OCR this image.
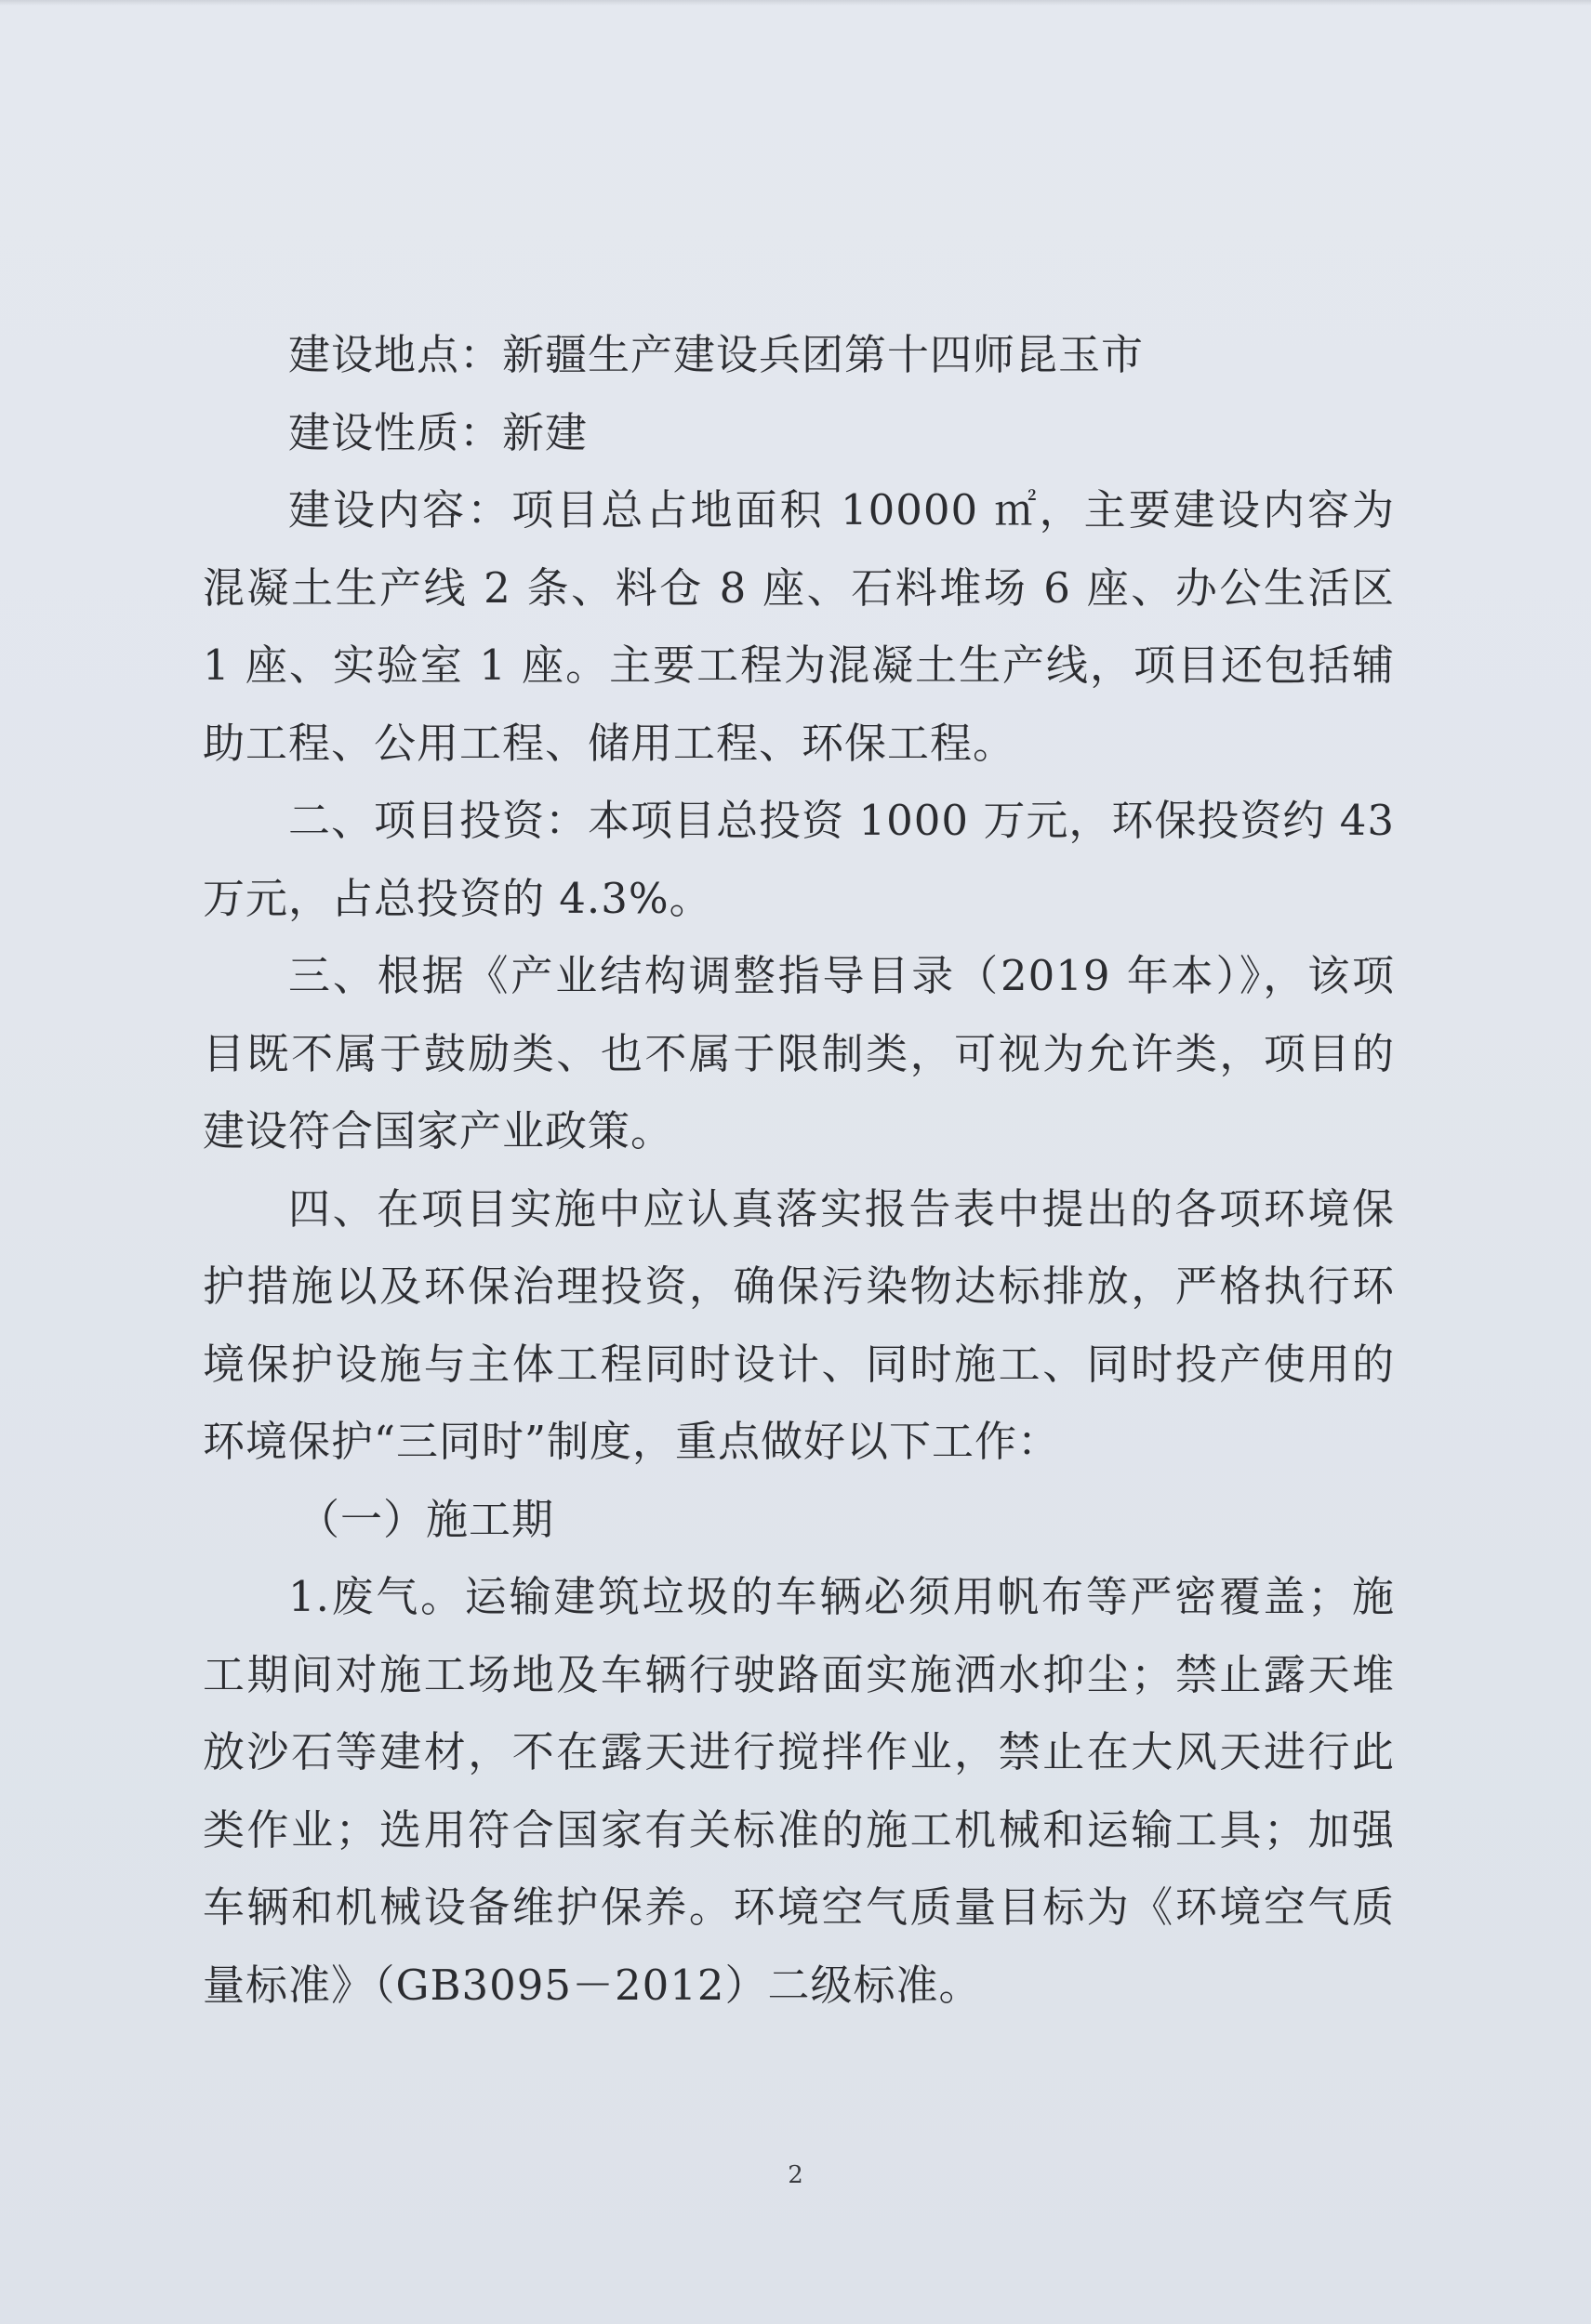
建设地点：新疆生产建设兵团第十四师昆玉市

建设性质：新建

建设内容：项目总占地面积 10000 ㎡，主要建设内容为混凝土生产线 2 条、料仓 8 座、石料堆场 6 座、办公生活区 1 座、实验室 1 座。主要工程为混凝土生产线，项目还包括辅助工程、公用工程、储用工程、环保工程。

二、项目投资：本项目总投资 1000 万元，环保投资约 43 万元，占总投资的 4.3%。

三、根据《产业结构调整指导目录（2019 年本）》，该项目既不属于鼓励类、也不属于限制类，可视为允许类，项目的建设符合国家产业政策。

四、在项目实施中应认真落实报告表中提出的各项环境保护措施以及环保治理投资，确保污染物达标排放，严格执行环境保护设施与主体工程同时设计、同时施工、同时投产使用的环境保护“三同时”制度，重点做好以下工作：

（一）施工期

1.废气。运输建筑垃圾的车辆必须用帆布等严密覆盖；施工期间对施工场地及车辆行驶路面实施洒水抑尘；禁止露天堆放沙石等建材，不在露天进行搅拌作业，禁止在大风天进行此类作业；选用符合国家有关标准的施工机械和运输工具；加强车辆和机械设备维护保养。环境空气质量目标为《环境空气质量标准》（GB3095－2012）二级标准。

2
